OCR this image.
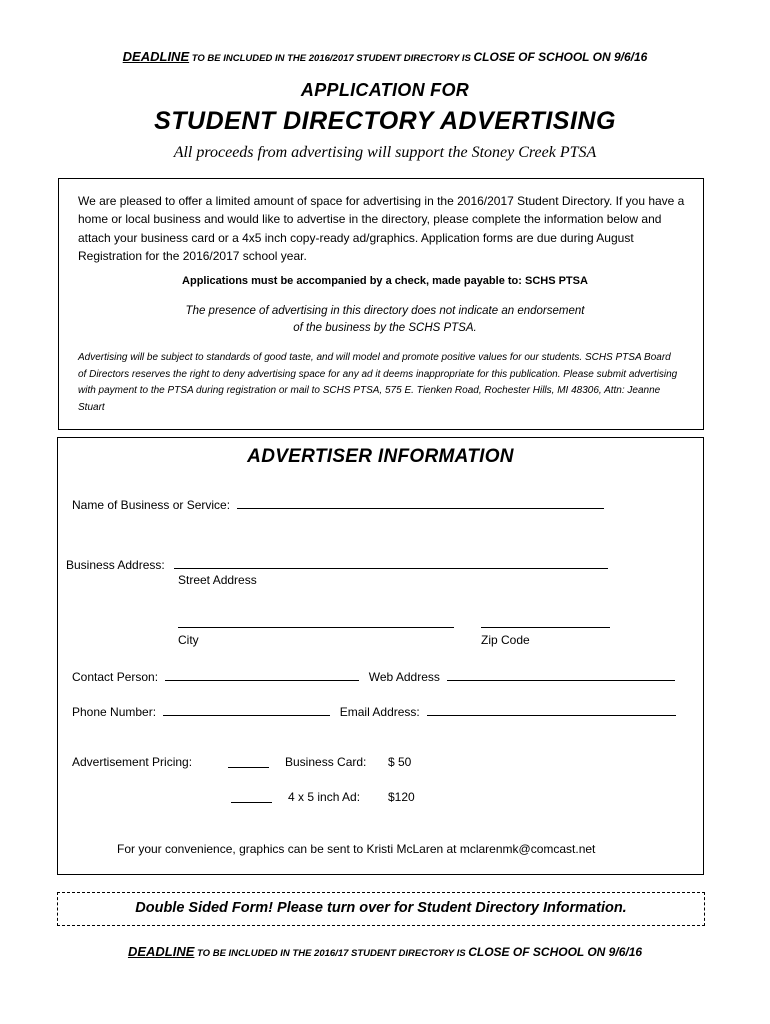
DEADLINE TO BE INCLUDED IN THE 2016/2017 STUDENT DIRECTORY IS CLOSE OF SCHOOL ON 9/6/16
APPLICATION FOR
STUDENT DIRECTORY ADVERTISING
All proceeds from advertising will support the Stoney Creek PTSA
We are pleased to offer a limited amount of space for advertising in the 2016/2017 Student Directory. If you have a home or local business and would like to advertise in the directory, please complete the information below and attach your business card or a 4x5 inch copy-ready ad/graphics. Application forms are due during August Registration for the 2016/2017 school year.
Applications must be accompanied by a check, made payable to: SCHS PTSA
The presence of advertising in this directory does not indicate an endorsement
of the business by the SCHS PTSA.
Advertising will be subject to standards of good taste, and will model and promote positive values for our students. SCHS PTSA Board of Directors reserves the right to deny advertising space for any ad it deems inappropriate for this publication. Please submit advertising with payment to the PTSA during registration or mail to SCHS PTSA, 575 E. Tienken Road, Rochester Hills, MI 48306, Attn: Jeanne Stuart
ADVERTISER INFORMATION
Name of Business or Service:
Business Address:
Street Address
City	Zip Code
Contact Person:	Web Address
Phone Number:	Email Address:
Advertisement Pricing:	Business Card: $ 50
4 x 5 inch Ad: $120
For your convenience, graphics can be sent to Kristi McLaren at mclarenmk@comcast.net
Double Sided Form! Please turn over for Student Directory Information.
DEADLINE TO BE INCLUDED IN THE 2016/17 STUDENT DIRECTORY IS CLOSE OF SCHOOL ON 9/6/16
